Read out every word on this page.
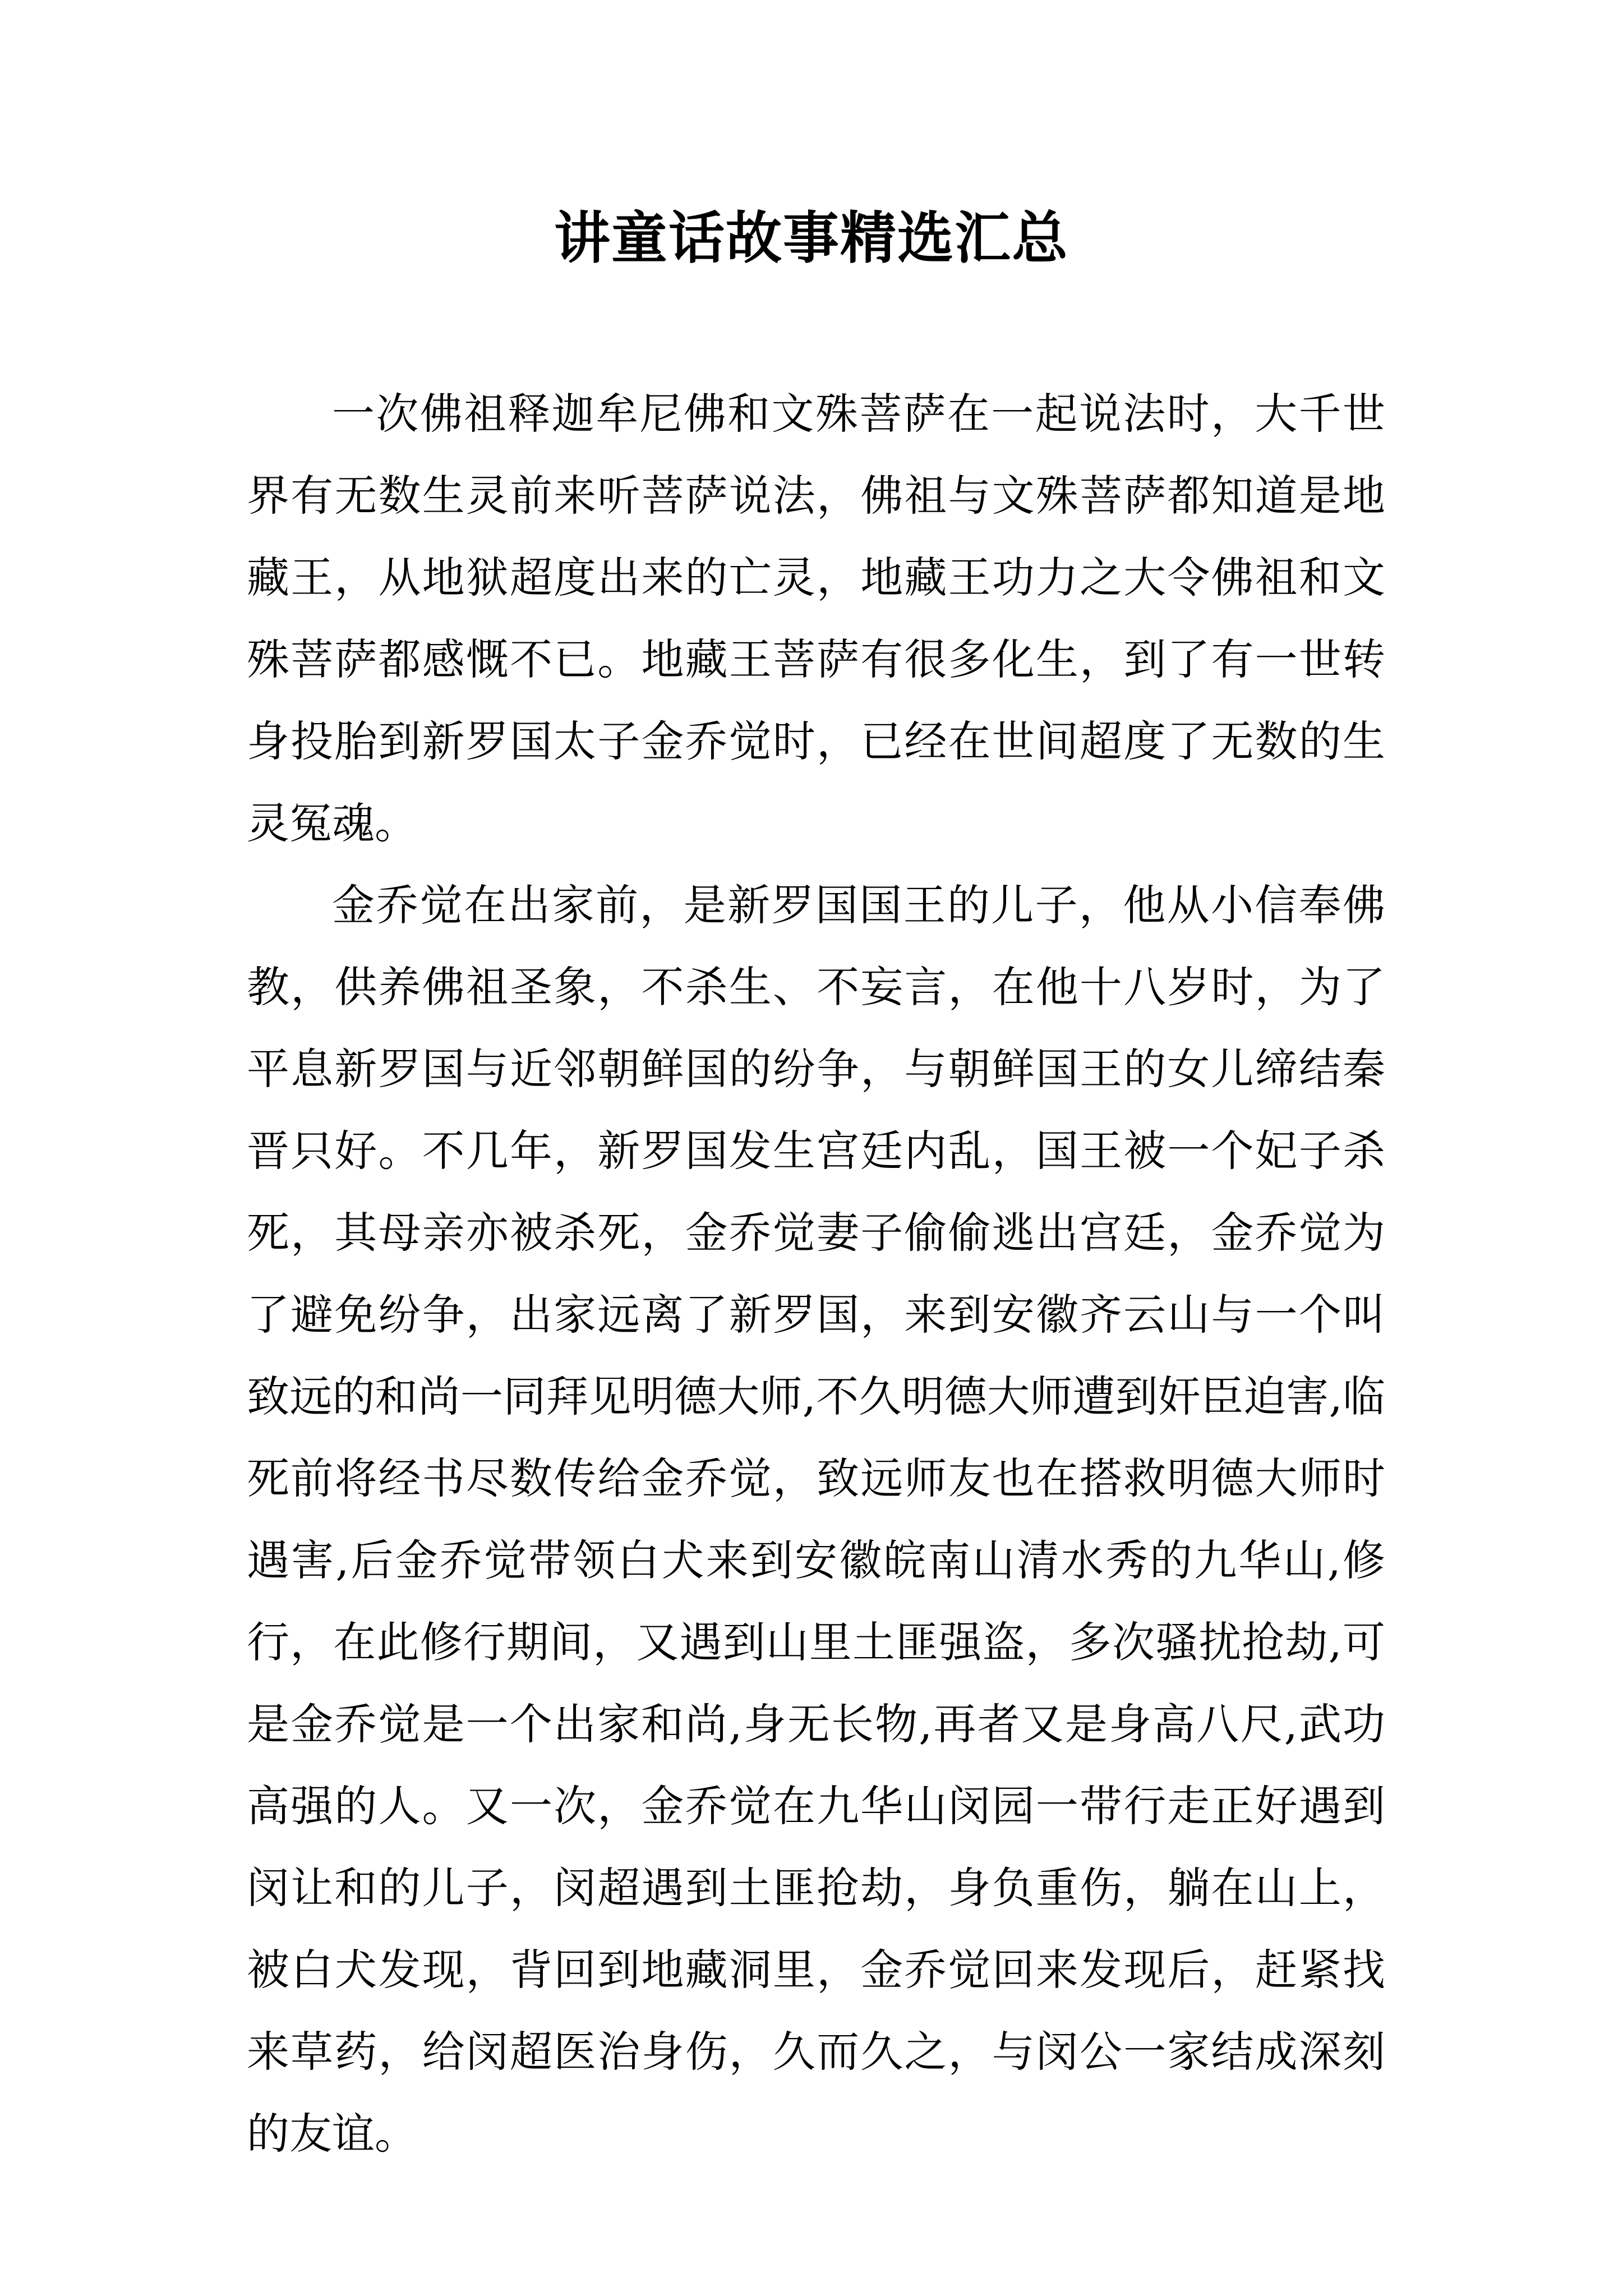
讲童话故事精选汇总

一次佛祖释迦牟尼佛和文殊菩萨在一起说法时，大千世界有无数生灵前来听菩萨说法，佛祖与文殊菩萨都知道是地藏王，从地狱超度出来的亡灵，地藏王功力之大令佛祖和文殊菩萨都感慨不已。地藏王菩萨有很多化生，到了有一世转身投胎到新罗国太子金乔觉时，已经在世间超度了无数的生灵冤魂。

金乔觉在出家前，是新罗国国王的儿子，他从小信奉佛教，供养佛祖圣象，不杀生、不妄言，在他十八岁时，为了平息新罗国与近邻朝鲜国的纷争，与朝鲜国王的女儿缔结秦晋只好。不几年，新罗国发生宫廷内乱，国王被一个妃子杀死，其母亲亦被杀死，金乔觉妻子偷偷逃出宫廷，金乔觉为了避免纷争，出家远离了新罗国，来到安徽齐云山与一个叫致远的和尚一同拜见明德大师,不久明德大师遭到奸臣迫害,临死前将经书尽数传给金乔觉，致远师友也在搭救明德大师时遇害,后金乔觉带领白犬来到安徽皖南山清水秀的九华山,修行，在此修行期间，又遇到山里土匪强盗，多次骚扰抢劫,可是金乔觉是一个出家和尚,身无长物,再者又是身高八尺,武功高强的人。又一次，金乔觉在九华山闵园一带行走正好遇到闵让和的儿子，闵超遇到土匪抢劫，身负重伤，躺在山上，被白犬发现，背回到地藏洞里，金乔觉回来发现后，赶紧找来草药，给闵超医治身伤，久而久之，与闵公一家结成深刻的友谊。
